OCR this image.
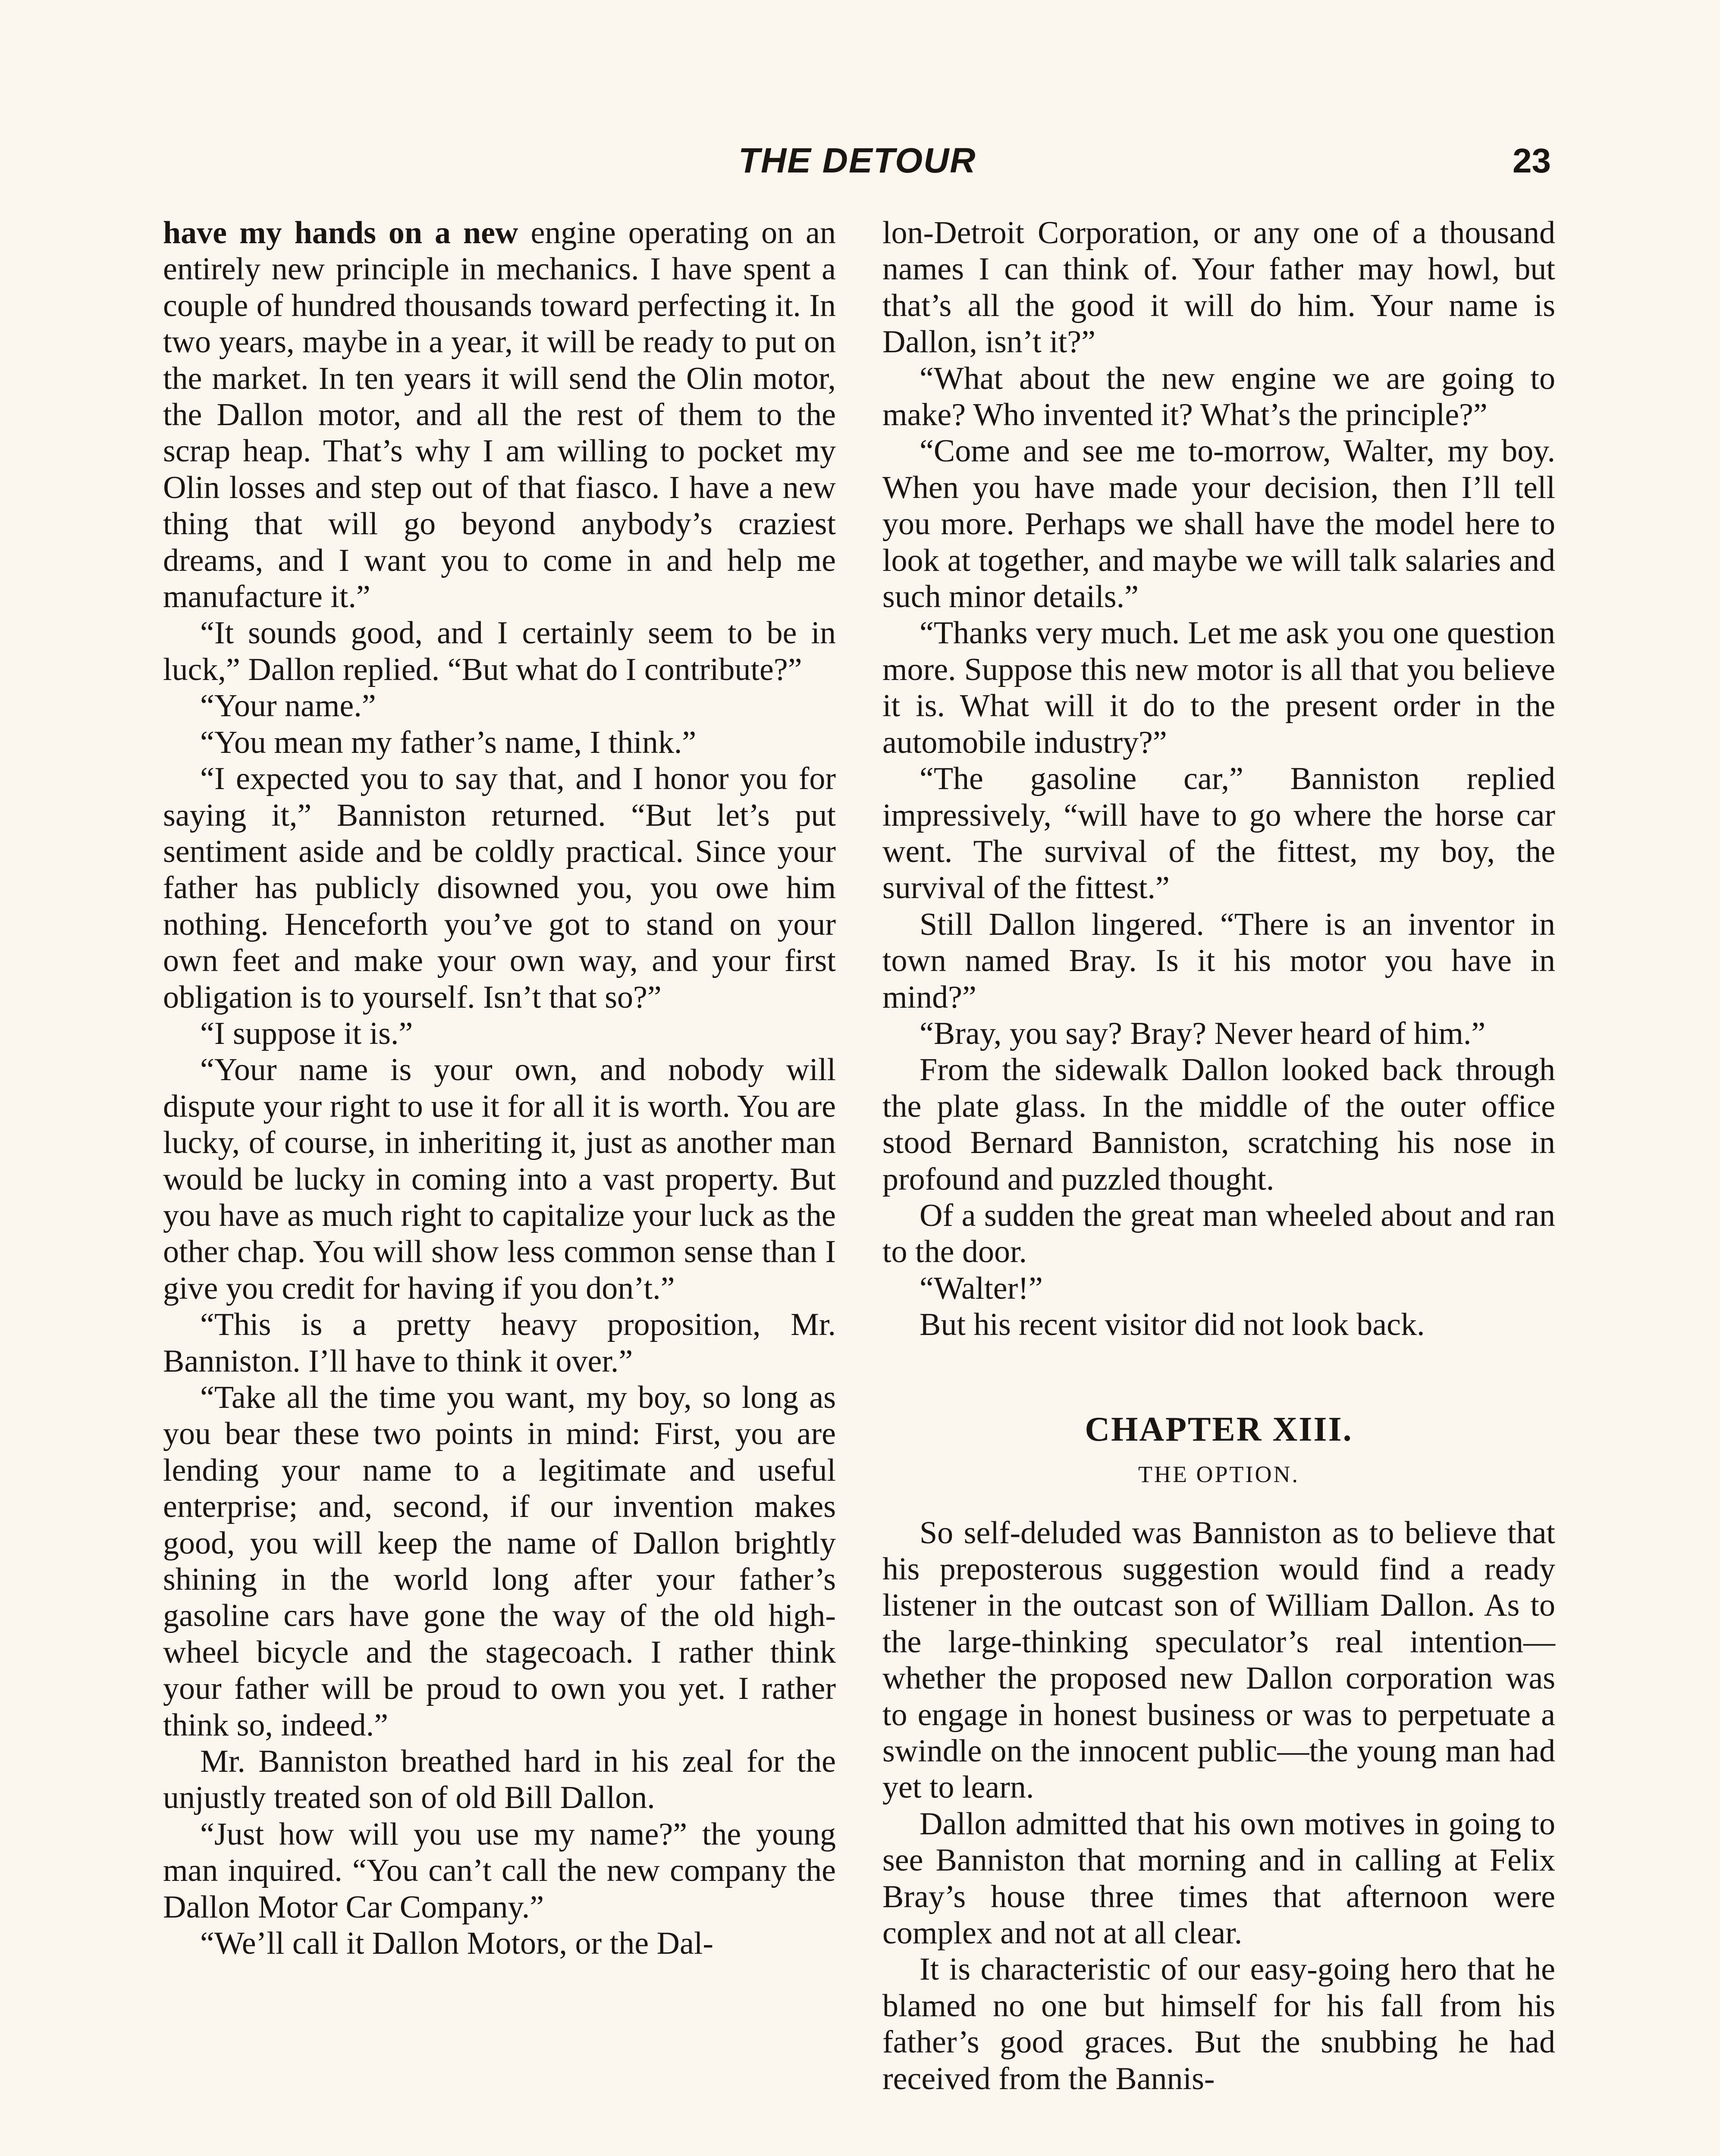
THE DETOUR	23

have my hands on a new engine operating on an entirely new principle in mechanics. I have spent a couple of hundred thousands toward perfecting it. In two years, maybe in a year, it will be ready to put on the market. In ten years it will send the Olin motor, the Dallon motor, and all the rest of them to the scrap heap. That’s why I am willing to pocket my Olin losses and step out of that fiasco. I have a new thing that will go beyond anybody’s craziest dreams, and I want you to come in and help me manufacture it.”

“It sounds good, and I certainly seem to be in luck,” Dallon replied. “But what do I contribute?”

“Your name.”

“You mean my father’s name, I think.”

“I expected you to say that, and I honor you for saying it,” Banniston returned. “But let’s put sentiment aside and be coldly practical. Since your father has publicly disowned you, you owe him nothing. Henceforth you’ve got to stand on your own feet and make your own way, and your first obligation is to yourself. Isn’t that so?”

“I suppose it is.”

“Your name is your own, and nobody will dispute your right to use it for all it is worth. You are lucky, of course, in inheriting it, just as another man would be lucky in coming into a vast property. But you have as much right to capitalize your luck as the other chap. You will show less common sense than I give you credit for having if you don’t.”

“This is a pretty heavy proposition, Mr. Banniston. I’ll have to think it over.”

“Take all the time you want, my boy, so long as you bear these two points in mind: First, you are lending your name to a legitimate and useful enterprise; and, second, if our invention makes good, you will keep the name of Dallon brightly shining in the world long after your father’s gasoline cars have gone the way of the old high-wheel bicycle and the stagecoach. I rather think your father will be proud to own you yet. I rather think so, indeed.”

Mr. Banniston breathed hard in his zeal for the unjustly treated son of old Bill Dallon.

“Just how will you use my name?” the young man inquired. “You can’t call the new company the Dallon Motor Car Company.”

“We’ll call it Dallon Motors, or the Dal-

lon-Detroit Corporation, or any one of a thousand names I can think of. Your father may howl, but that’s all the good it will do him. Your name is Dallon, isn’t it?”

“What about the new engine we are going to make? Who invented it? What’s the principle?”

“Come and see me to-morrow, Walter, my boy. When you have made your decision, then I’ll tell you more. Perhaps we shall have the model here to look at together, and maybe we will talk salaries and such minor details.”

“Thanks very much. Let me ask you one question more. Suppose this new motor is all that you believe it is. What will it do to the present order in the automobile industry?”

“The gasoline car,” Banniston replied impressively, “will have to go where the horse car went. The survival of the fittest, my boy, the survival of the fittest.”

Still Dallon lingered. “There is an inventor in town named Bray. Is it his motor you have in mind?”

“Bray, you say? Bray? Never heard of him.”

From the sidewalk Dallon looked back through the plate glass. In the middle of the outer office stood Bernard Banniston, scratching his nose in profound and puzzled thought.

Of a sudden the great man wheeled about and ran to the door.

“Walter!”

But his recent visitor did not look back.

CHAPTER XIII.
THE OPTION.

So self-deluded was Banniston as to believe that his preposterous suggestion would find a ready listener in the outcast son of William Dallon. As to the large-thinking speculator’s real intention—whether the proposed new Dallon corporation was to engage in honest business or was to perpetuate a swindle on the innocent public—the young man had yet to learn.

Dallon admitted that his own motives in going to see Banniston that morning and in calling at Felix Bray’s house three times that afternoon were complex and not at all clear.

It is characteristic of our easy-going hero that he blamed no one but himself for his fall from his father’s good graces. But the snubbing he had received from the Bannis-
